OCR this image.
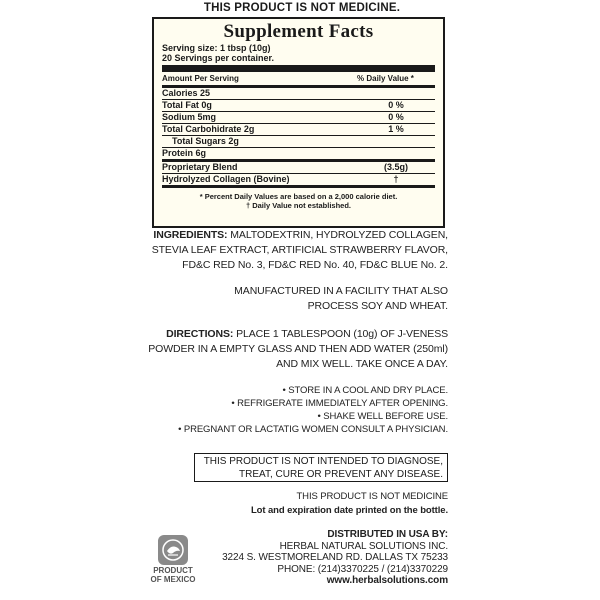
THIS PRODUCT IS NOT MEDICINE.
Supplement Facts
Serving size: 1 tbsp (10g)
20 Servings per container.
Amount Per Serving	% Daily Value *
Calories 25
Total Fat 0g	0 %
Sodium 5mg	0 %
Total Carbohidrate 2g	1 %
Total Sugars 2g
Protein 6g
Proprietary Blend	(3.5g)
Hydrolyzed Collagen (Bovine)	†
* Percent Daily Values are based on a 2,000 calorie diet.
† Daily Value not established.
INGREDIENTS: MALTODEXTRIN, HYDROLYZED COLLAGEN,
STEVIA LEAF EXTRACT, ARTIFICIAL STRAWBERRY FLAVOR,
FD&C RED No. 3, FD&C RED No. 40, FD&C BLUE No. 2.
MANUFACTURED IN A FACILITY THAT ALSO
PROCESS SOY AND WHEAT.
DIRECTIONS: PLACE 1 TABLESPOON (10g) OF J-VENESS
POWDER IN A EMPTY GLASS AND THEN ADD WATER (250ml)
AND MIX WELL. TAKE ONCE A DAY.
• STORE IN A COOL AND DRY PLACE.
• REFRIGERATE IMMEDIATELY AFTER OPENING.
• SHAKE WELL BEFORE USE.
• PREGNANT OR LACTATIG WOMEN CONSULT A PHYSICIAN.
THIS PRODUCT IS NOT INTENDED TO DIAGNOSE,
TREAT, CURE OR PREVENT ANY DISEASE.
THIS PRODUCT IS NOT MEDICINE
Lot and expiration date printed on the bottle.
DISTRIBUTED IN USA BY:
HERBAL NATURAL SOLUTIONS INC.
3224 S. WESTMORELAND RD. DALLAS TX 75233
PHONE: (214)3370225 / (214)3370229
www.herbalsolutions.com
PRODUCT
OF MEXICO
